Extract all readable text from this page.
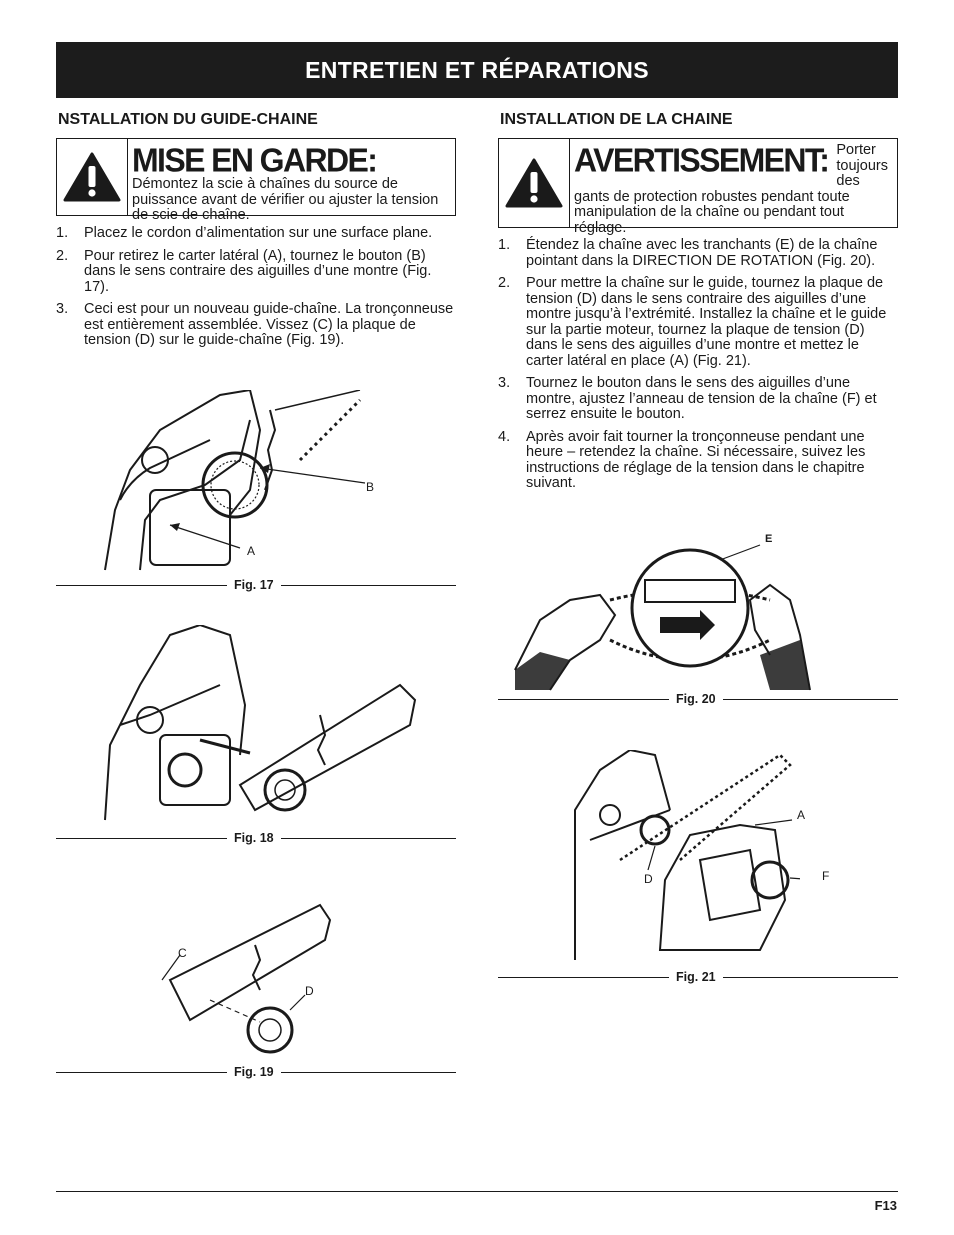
ENTRETIEN ET RÉPARATIONS
NSTALLATION DU GUIDE-CHAINE
MISE EN GARDE:
Démontez la scie à chaînes du source de puissance avant de vérifier ou ajuster la tension de scie de chaîne.
1. Placez le cordon d’alimentation sur une surface plane.
2. Pour retirez le carter latéral (A), tournez le bouton (B) dans le sens contraire des aiguilles d’une montre (Fig. 17).
3. Ceci est pour un nouveau guide-chaîne. La tronçonneuse est entièrement assemblée. Vissez (C) la plaque de tension (D) sur le guide-chaîne (Fig. 19).
INSTALLATION DE LA CHAINE
AVERTISSEMENT: Porter toujours des gants de protection robustes pendant toute manipulation de la chaîne ou pendant tout réglage.
1. Étendez la chaîne avec les tranchants (E) de la chaîne pointant dans la DIRECTION DE ROTATION (Fig. 20).
2. Pour mettre la chaîne sur le guide, tournez la plaque de tension (D) dans le sens contraire des aiguilles d’une montre jusqu’à l’extrémité. Installez la chaîne et le guide sur la partie moteur, tournez la plaque de tension (D) dans le sens des aiguilles d’une montre et mettez le carter latéral en place (A) (Fig. 21).
3. Tournez le bouton dans le sens des aiguilles d’une montre, ajustez l’anneau de tension de la chaîne (F) et serrez ensuite le bouton.
4. Après avoir fait tourner la tronçonneuse pendant une heure – retendez la chaîne. Si nécessaire, suivez les instructions de réglage de la tension dans le chapitre suivant.
B
A
Fig. 17
Fig. 18
C
D
Fig. 19
E
Fig. 20
A
F
D
Fig. 21
F13
